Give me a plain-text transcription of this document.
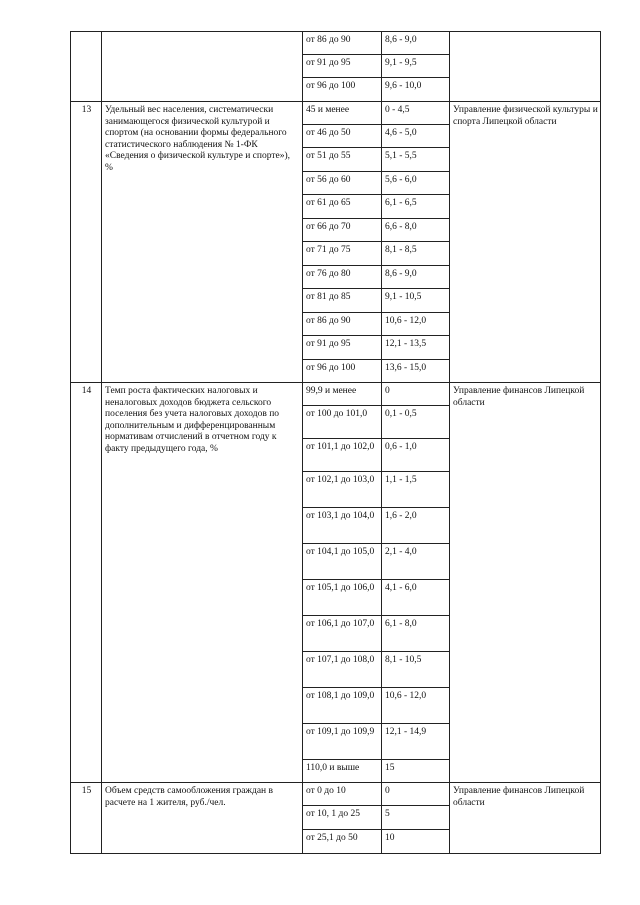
		от 86 до 90	8,6 - 9,0	
		от 91 до 95	9,1 - 9,5	
		от 96 до 100	9,6 - 10,0	
13	Удельный вес населения, систематически занимающегося физической культурой и спортом (на основании формы федерального статистического наблюдения № 1-ФК «Сведения о физической культуре и спорте»), %	45 и менее	0 - 4,5	Управление физической культуры и спорта Липецкой области
		от 46 до 50	4,6 - 5,0	
		от 51 до 55	5,1 - 5,5	
		от 56 до 60	5,6 - 6,0	
		от 61 до 65	6,1 - 6,5	
		от 66 до 70	6,6 - 8,0	
		от 71 до 75	8,1 - 8,5	
		от 76 до 80	8,6 - 9,0	
		от 81 до 85	9,1 - 10,5	
		от 86 до 90	10,6 - 12,0	
		от 91 до 95	12,1 - 13,5	
		от 96 до 100	13,6 - 15,0	
14	Темп роста фактических налоговых и неналоговых доходов бюджета сельского поселения без учета налоговых доходов по дополнительным и дифференцированным нормативам отчислений в отчетном году к факту предыдущего года, %	99,9 и менее	0	Управление финансов Липецкой области
		от 100 до 101,0	0,1 - 0,5	
		от 101,1 до 102,0	0,6 - 1,0	
		от 102,1 до 103,0	1,1 - 1,5	
		от 103,1 до 104,0	1,6 - 2,0	
		от 104,1 до 105,0	2,1 - 4,0	
		от 105,1 до 106,0	4,1 - 6,0	
		от 106,1 до 107,0	6,1 - 8,0	
		от 107,1 до 108,0	8,1 - 10,5	
		от 108,1 до 109,0	10,6 - 12,0	
		от 109,1 до 109,9	12,1 - 14,9	
		110,0 и выше	15	
15	Объем средств самообложения граждан в расчете на 1 жителя, руб./чел.	от 0 до 10	0	Управление финансов Липецкой области
		от 10, 1 до 25	5	
		от 25,1 до 50	10	
